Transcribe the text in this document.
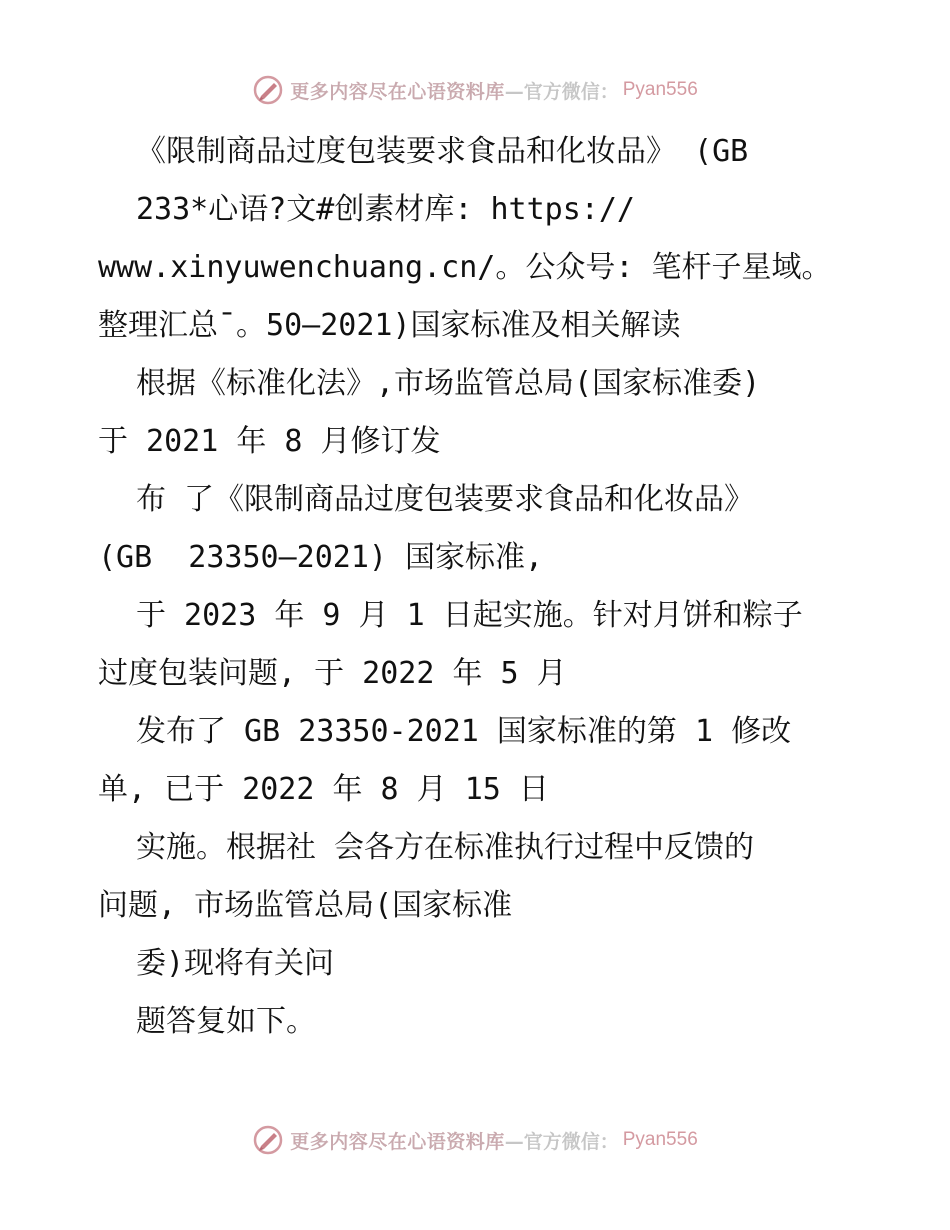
更多内容尽在心语资料库 —官方微信： Pyan556
《限制商品过度包装要求食品和化妆品》 (GB
233*心语?文#创素材库: https://
www.xinyuwenchuang.cn/。公众号: 笔杆子星域。
整理汇总¯。50—2021)国家标准及相关解读
根据《标准化法》,市场监管总局(国家标准委)
于 2021 年 8 月修订发
布 了《限制商品过度包装要求食品和化妆品》
(GB  23350—2021) 国家标准,
于 2023 年 9 月 1 日起实施。针对月饼和粽子
过度包装问题, 于 2022 年 5 月
发布了 GB 23350-2021 国家标准的第 1 修改
单, 已于 2022 年 8 月 15 日
实施。根据社 会各方在标准执行过程中反馈的
问题, 市场监管总局(国家标准
委)现将有关问
题答复如下。
更多内容尽在心语资料库 —官方微信： Pyan556
